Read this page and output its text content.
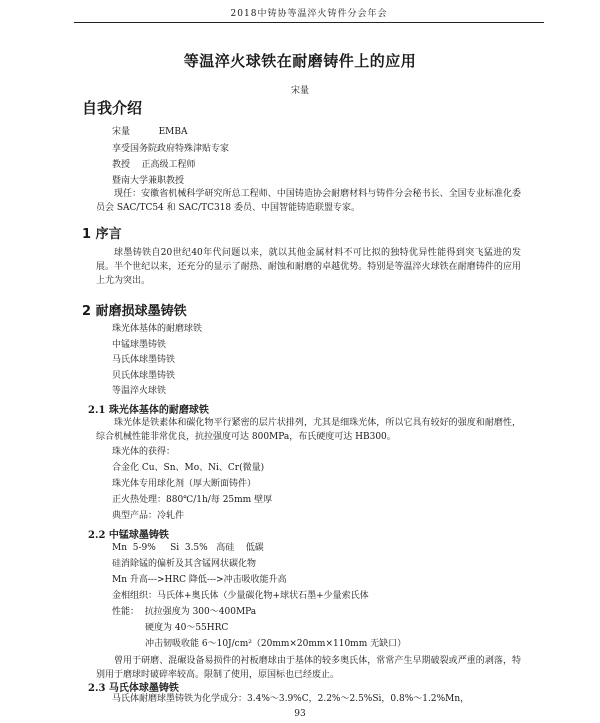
2018中铸协等温淬火铸件分会年会
等温淬火球铁在耐磨铸件上的应用
宋量
自我介绍
宋量          EMBA
享受国务院政府特殊津贴专家
教授    正高级工程师
暨南大学兼职教授
现任：安徽省机械科学研究所总工程师、中国铸造协会耐磨材料与铸件分会秘书长、全国专业标准化委员会 SAC/TC54 和 SAC/TC318 委员、中国智能铸造联盟专家。
1 序言
球墨铸铁自20世纪40年代问题以来，就以其他金属材料不可比拟的独特优异性能得到突飞猛进的发展。半个世纪以来，还充分的显示了耐热、耐蚀和耐磨的卓越优势。特别是等温淬火球铁在耐磨铸件的应用上尤为突出。
2 耐磨损球墨铸铁
珠光体基体的耐磨球铁
中锰球墨铸铁
马氏体球墨铸铁
贝氏体球墨铸铁
等温淬火球铁
2.1 珠光体基体的耐磨球铁
珠光体是铁素体和碳化物平行紧密的层片状排列，尤其是细珠光体，所以它具有较好的强度和耐磨性，综合机械性能非常优良，抗拉强度可达 800MPa，布氏硬度可达 HB300。
珠光体的获得：
合金化 Cu、Sn、Mo、Ni、Cr(微量)
珠光体专用球化剂（厚大断面铸件）
正火热处理：880℃/1h/每 25mm 壁厚
典型产品：冷轧件
2.2 中锰球墨铸铁
Mn  5-9%     Si  3.5%   高硅    低碳
硅消除锰的偏析及其含锰网状碳化物
Mn 升高--->HRC 降低--->冲击吸收能升高
金相组织：马氏体+奥氏体（少量碳化物+球状石墨+少量索氏体
性能：  抗拉强度为 300～400MPa
硬度为 40～55HRC
冲击韧吸收能 6～10J/cm²（20mm×20mm×110mm 无缺口）
曾用于研磨、混碾设备易损件的衬板磨球由于基体的较多奥氏体，常常产生早期破裂或严重的剥落，特别用于磨球时破碎率较高。限制了使用，原国标也已经废止。
2.3 马氏体球墨铸铁
马氏体耐磨球墨铸铁为化学成分：3.4%～3.9%C，2.2%～2.5%Si，0.8%～1.2%Mn，
93
